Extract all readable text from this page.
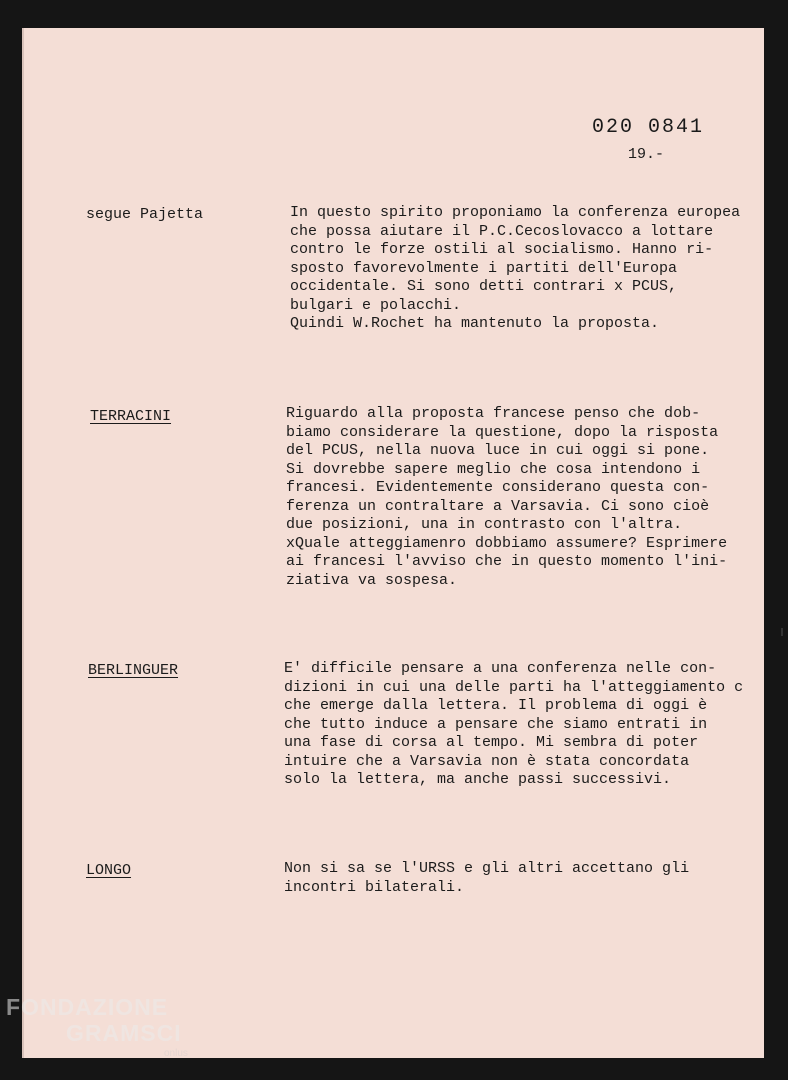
020 0841
19.-
segue Pajetta	In questo spirito proponiamo la conferenza europea
che possa aiutare il P.C.Cecoslovacco a lottare
contro le forze ostili al socialismo. Hanno ri-
sposto favorevolmente i partiti dell'Europa
occidentale. Si sono detti contrari x PCUS,
bulgari e polacchi.
Quindi W.Rochet ha mantenuto la proposta.
TERRACINI	Riguardo alla proposta francese penso che dob-
biamo considerare la questione, dopo la risposta
del PCUS, nella nuova luce in cui oggi si pone.
Si dovrebbe sapere meglio che cosa intendono i
francesi. Evidentemente considerano questa con-
ferenza un contraltare a Varsavia. Ci sono cioè
due posizioni, una in contrasto con l'altra.
xQuale atteggiamenro dobbiamo assumere? Esprimere
ai francesi l'avviso che in questo momento l'ini-
ziativa va sospesa.
BERLINGUER	E' difficile pensare a una conferenza nelle con-
dizioni in cui una delle parti ha l'atteggiamento c
che emerge dalla lettera. Il problema di oggi è
che tutto induce a pensare che siamo entrati in
una fase di corsa al tempo. Mi sembra di poter
intuire che a Varsavia non è stata concordata
solo la lettera, ma anche passi successivi.
LONGO	Non si sa se l'URSS e gli altri accettano gli
incontri bilaterali.
FONDAZIONE
GRAMSCI
onlus
